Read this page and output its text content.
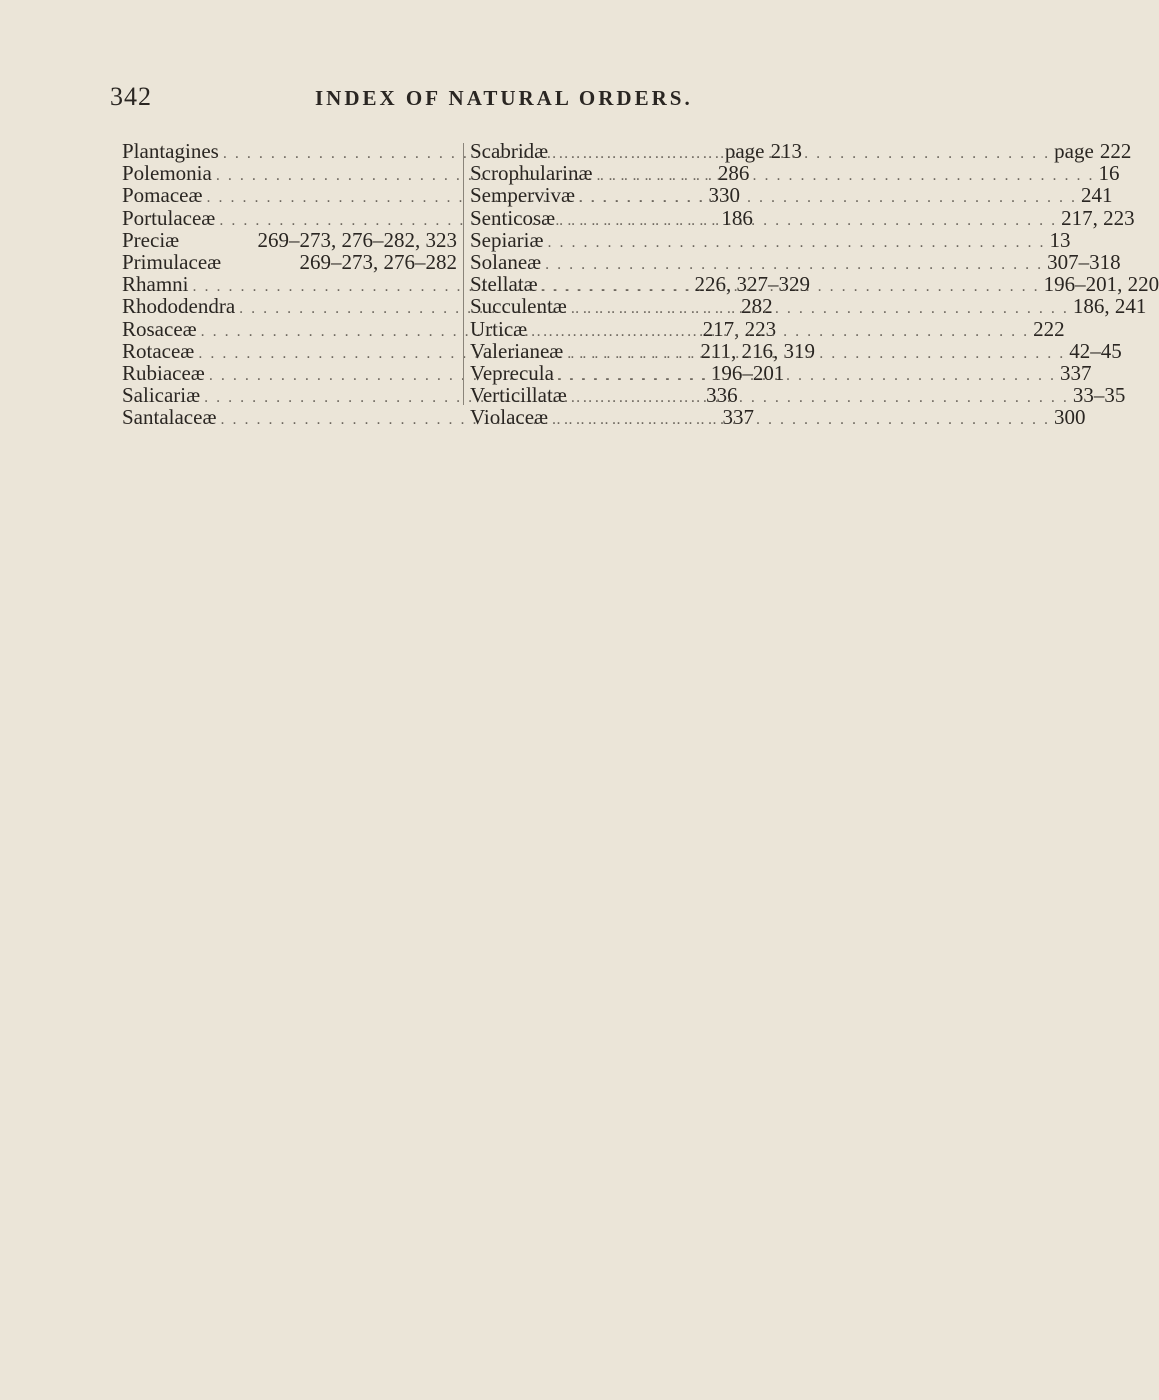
342	INDEX OF NATURAL ORDERS.
Plantagines . . .	page 213
Polemonia . . .	286
Pomaceæ . . .	330
Portulaceæ . . .	186
Preciæ	269–273, 276–282, 323
Primulaceæ	269–273, 276–282
Rhamni . . .	226, 327–329
Rhododendra . . .	282
Rosaceæ . . .	217, 223
Rotaceæ . . .	211, 216, 319
Rubiaceæ . . .	196–201
Salicariæ . . .	336
Santalaceæ . . .	337
Scabridæ . . .	page 222
Scrophularinæ . . .	16
Sempervivæ . . .	241
Senticosæ . . .	217, 223
Sepiariæ . . .	13
Solaneæ . . .	307–318
Stellatæ . . .	196–201, 220
Succulentæ . . .	186, 241
Urticæ . . .	222
Valerianeæ . . .	42–45
Veprecula . . .	337
Verticillatæ . . .	33–35
Violaceæ . . .	300
